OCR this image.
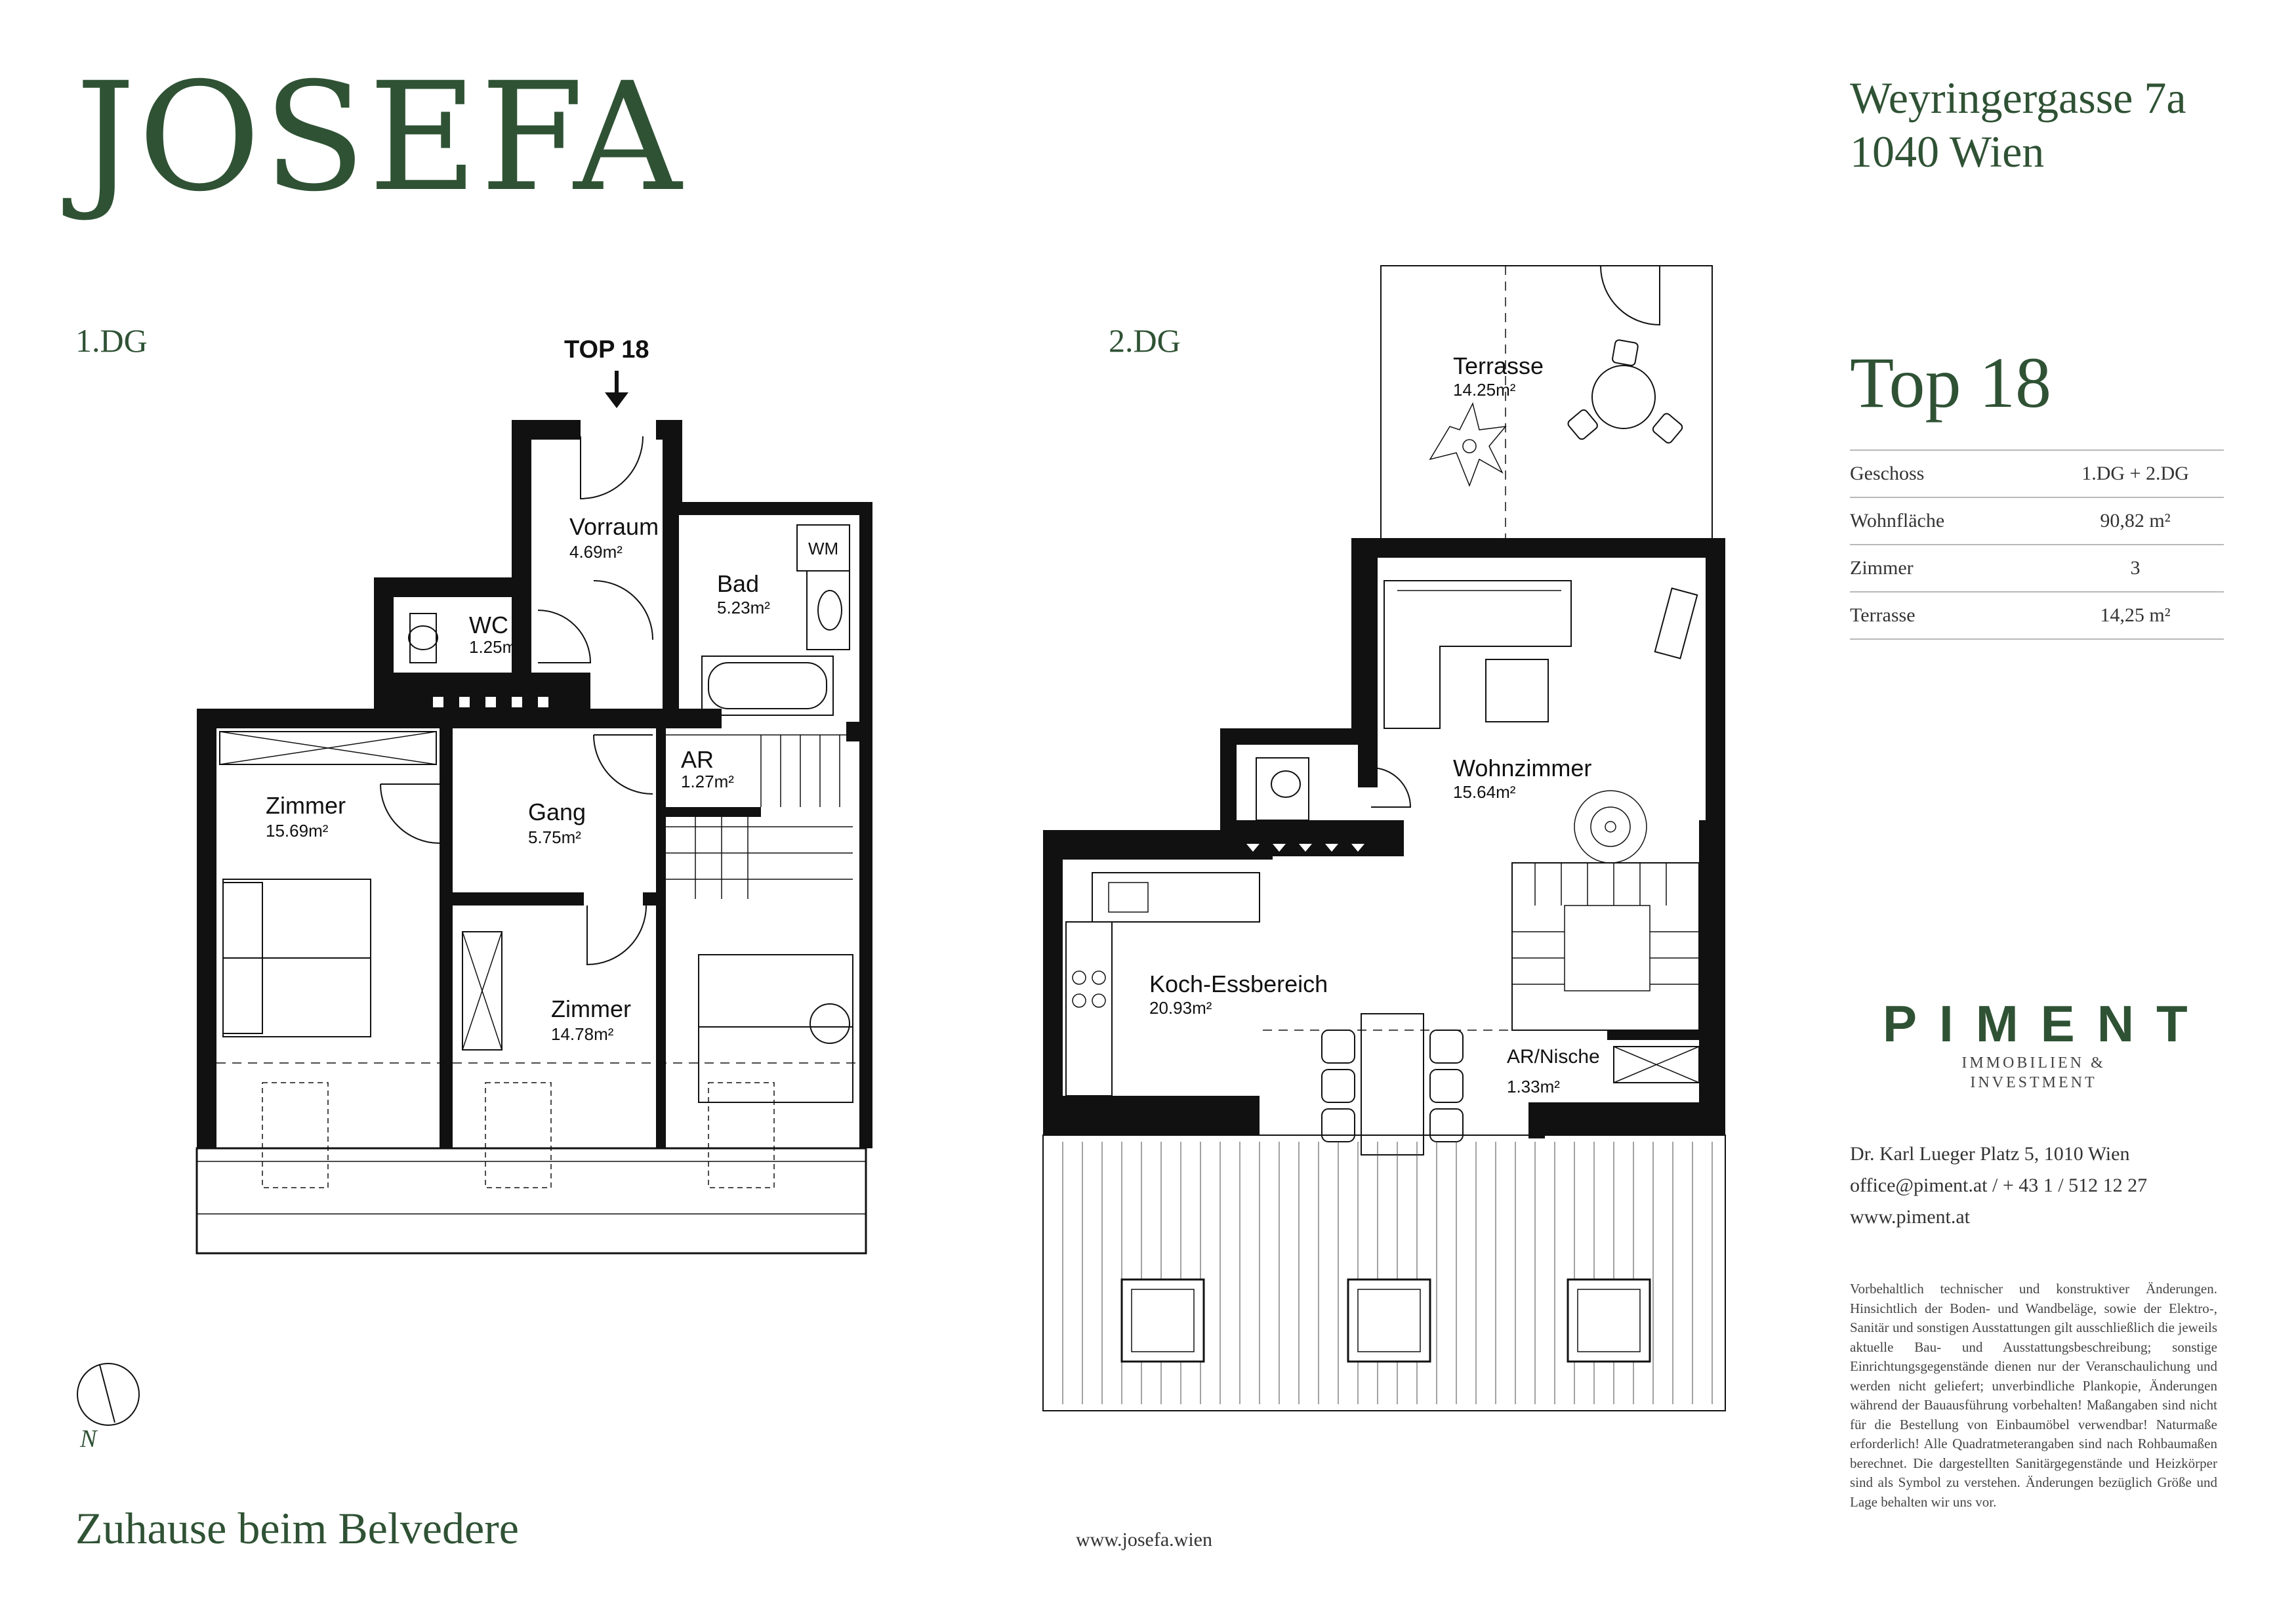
JOSEFA	Weyringergasse 7a
1040 Wien
1.DG	2.DG
Top 18
Geschoss	1.DG + 2.DG
Wohnfläche	90,82 m²
Zimmer	3
Terrasse	14,25 m²
PIMENT
IMMOBILIEN &
INVESTMENT
Dr. Karl Lueger Platz 5, 1010 Wien
office@piment.at / + 43 1 / 512 12 27
www.piment.at
Vorbehaltlich technischer und konstruktiver Änderungen. Hinsichtlich der Boden- und Wandbeläge, sowie der Elektro-, Sanitär und sonstigen Ausstattungen gilt ausschließlich die jeweils aktuelle Bau- und Ausstattungsbeschreibung; sonstige Einrichtungsgegenstände dienen nur der Veranschaulichung und werden nicht geliefert; unverbindliche Plankopie, Änderungen während der Bauausführung vorbehalten! Maßangaben sind nicht für die Bestellung von Einbaumöbel verwendbar! Naturmaße erforderlich! Alle Quadratmeterangaben sind nach Rohbaumaßen berechnet. Die dargestellten Sanitärgegenstände und Heizkörper sind als Symbol zu verstehen. Änderungen bezüglich Größe und Lage behalten wir uns vor.
Zuhause beim Belvedere	www.josefa.wien
Vorraum
4.69m²
Bad
5.23m²
WM
WC
1.25m²
AR
1.27m²
Zimmer
15.69m²
Gang
5.75m²
Zimmer
14.78m²
TOP 18
Terrasse
14.25m²
Wohnzimmer
15.64m²
Koch-Essbereich
20.93m²
AR/Nische
1.33m²
N
